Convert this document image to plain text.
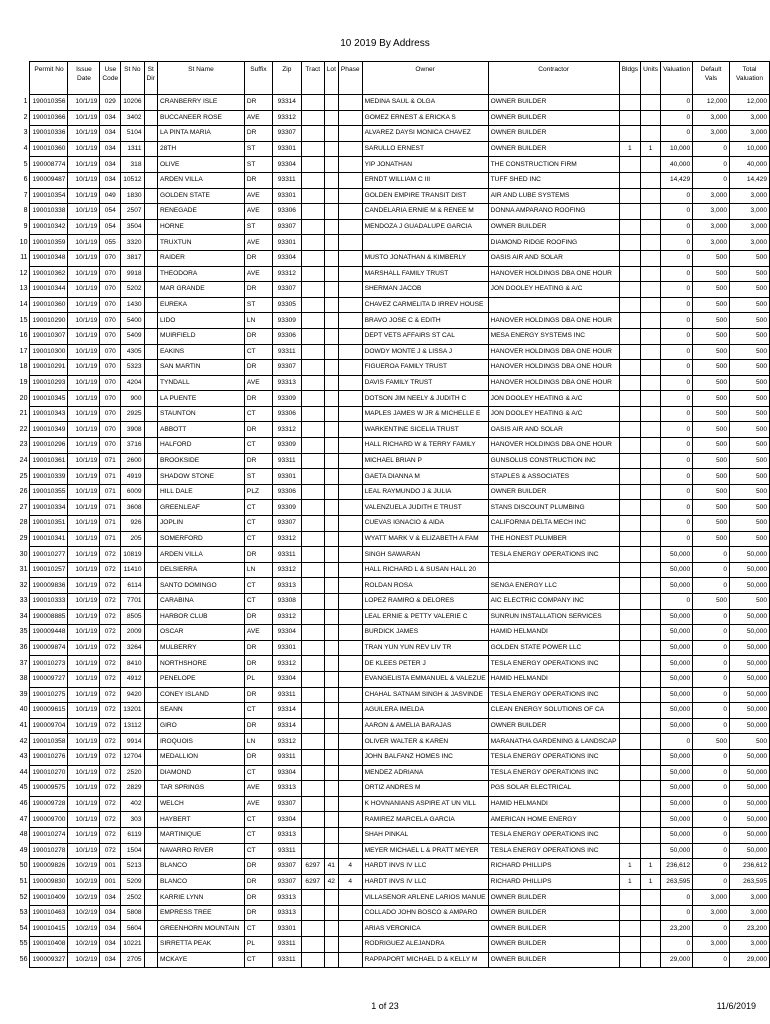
10 2019 By Address
	Permit No	Issue Date	Use Code	St No	St Dir	St Name	Suffix	Zip	Tract	Lot	Phase	Owner	Contractor	Bldgs	Units	Valuation	Default Vals	Total Valuation
1	190010356	10/1/19	029	10206		CRANBERRY ISLE	DR	93314				MEDINA SAUL & OLGA	OWNER BUILDER			0	12,000	12,000
2	190010366	10/1/19	034	3402		BUCCANEER ROSE	AVE	93312				GOMEZ ERNEST & ERICKA S	OWNER BUILDER			0	3,000	3,000
3	190010336	10/1/19	034	5104		LA PINTA MARIA	DR	93307				ALVAREZ DAYSI MONICA CHAVEZ	OWNER BUILDER			0	3,000	3,000
4	190010360	10/1/19	034	1311		28TH	ST	93301				SARULLO ERNEST	OWNER BUILDER	1	1	10,000	0	10,000
5	190008774	10/1/19	034	318		OLIVE	ST	93304				YIP JONATHAN	THE CONSTRUCTION FIRM			40,000	0	40,000
6	190009487	10/1/19	034	10512		ARDEN VILLA	DR	93311				ERNDT WILLIAM C III	TUFF SHED INC			14,429	0	14,429
7	190010354	10/1/19	049	1830		GOLDEN STATE	AVE	93301				GOLDEN EMPIRE TRANSIT DIST	AIR AND LUBE SYSTEMS			0	3,000	3,000
8	190010338	10/1/19	054	2507		RENEGADE	AVE	93306				CANDELARIA ERNIE M & RENEE M	DONNA AMPARANO ROOFING			0	3,000	3,000
9	190010342	10/1/19	054	3504		HORNE	ST	93307				MENDOZA J GUADALUPE GARCIA	OWNER BUILDER			0	3,000	3,000
10	190010359	10/1/19	055	3320		TRUXTUN	AVE	93301					DIAMOND RIDGE ROOFING			0	3,000	3,000
11	190010348	10/1/19	070	3817		RAIDER	DR	93304				MUSTO JONATHAN & KIMBERLY	OASIS AIR AND SOLAR			0	500	500
12	190010362	10/1/19	070	9918		THEODORA	AVE	93312				MARSHALL FAMILY TRUST	HANOVER HOLDINGS DBA ONE HOUR			0	500	500
13	190010344	10/1/19	070	5202		MAR GRANDE	DR	93307				SHERMAN JACOB	JON DOOLEY HEATING & A/C			0	500	500
14	190010360	10/1/19	070	1430		EUREKA	ST	93305				CHAVEZ CARMELITA D IRREV HOUSE				0	500	500
15	190010290	10/1/19	070	5400		LIDO	LN	93309				BRAVO JOSE C & EDITH	HANOVER HOLDINGS DBA ONE HOUR			0	500	500
16	190010307	10/1/19	070	5409		MUIRFIELD	DR	93306				DEPT VETS AFFAIRS ST CAL	MESA ENERGY SYSTEMS INC			0	500	500
17	190010300	10/1/19	070	4305		EAKINS	CT	93311				DOWDY MONTE J & LISSA J	HANOVER HOLDINGS DBA ONE HOUR			0	500	500
18	190010291	10/1/19	070	5323		SAN MARTIN	DR	93307				FIGUEROA FAMILY TRUST	HANOVER HOLDINGS DBA ONE HOUR			0	500	500
19	190010293	10/1/19	070	4204		TYNDALL	AVE	93313				DAVIS FAMILY TRUST	HANOVER HOLDINGS DBA ONE HOUR			0	500	500
20	190010345	10/1/19	070	900		LA PUENTE	DR	93309				DOTSON JIM NEELY & JUDITH C	JON DOOLEY HEATING & A/C			0	500	500
21	190010343	10/1/19	070	2925		STAUNTON	CT	93306				MAPLES JAMES W JR & MICHELLE E	JON DOOLEY HEATING & A/C			0	500	500
22	190010349	10/1/19	070	3908		ABBOTT	DR	93312				WARKENTINE SICELIA TRUST	OASIS AIR AND SOLAR			0	500	500
23	190010296	10/1/19	070	3716		HALFORD	CT	93309				HALL RICHARD W & TERRY FAMILY	HANOVER HOLDINGS DBA ONE HOUR			0	500	500
24	190010361	10/1/19	071	2600		BROOKSIDE	DR	93311				MICHAEL BRIAN P	GUNSOLUS CONSTRUCTION INC			0	500	500
25	190010339	10/1/19	071	4919		SHADOW STONE	ST	93301				GAETA DIANNA M	STAPLES & ASSOCIATES			0	500	500
26	190010355	10/1/19	071	6009		HILL DALE	PLZ	93306				LEAL RAYMUNDO J & JULIA	OWNER BUILDER			0	500	500
27	190010334	10/1/19	071	3608		GREENLEAF	CT	93309				VALENZUELA JUDITH E TRUST	STANS DISCOUNT PLUMBING			0	500	500
28	190010351	10/1/19	071	926		JOPLIN	CT	93307				CUEVAS IGNACIO & AIDA	CALIFORNIA DELTA MECH INC			0	500	500
29	190010341	10/1/19	071	205		SOMERFORD	CT	93312				WYATT MARK V & ELIZABETH A FAM	THE HONEST PLUMBER			0	500	500
30	190010277	10/1/19	072	10819		ARDEN VILLA	DR	93311				SINGH SAWARAN	TESLA ENERGY OPERATIONS INC			50,000	0	50,000
31	190010257	10/1/19	072	11410		DELSIERRA	LN	93312				HALL RICHARD L & SUSAN HALL 20				50,000	0	50,000
32	190009836	10/1/19	072	6114		SANTO DOMINGO	CT	93313				ROLDAN ROSA	SENGA ENERGY LLC			50,000	0	50,000
33	190010333	10/1/19	072	7701		CARABINA	CT	93308				LOPEZ RAMIRO & DELORES	AIC ELECTRIC COMPANY INC			0	500	500
34	190008885	10/1/19	072	8505		HARBOR CLUB	DR	93312				LEAL ERNIE & PETTY VALERIE C	SUNRUN INSTALLATION SERVICES			50,000	0	50,000
35	190009448	10/1/19	072	2009		OSCAR	AVE	93304				BURDICK JAMES	HAMID HELMANDI			50,000	0	50,000
36	190009874	10/1/19	072	3264		MULBERRY	DR	93301				TRAN YUN YUN REV LIV TR	GOLDEN STATE POWER LLC			50,000	0	50,000
37	190010273	10/1/19	072	8410		NORTHSHORE	DR	93312				DE KLEES PETER J	TESLA ENERGY OPERATIONS INC			50,000	0	50,000
38	190009727	10/1/19	072	4912		PENELOPE	PL	93304				EVANGELISTA EMMANUEL & VALEZUE	HAMID HELMANDI			50,000	0	50,000
39	190010275	10/1/19	072	9420		CONEY ISLAND	DR	93311				CHAHAL SATNAM SINGH & JASVINDE	TESLA ENERGY OPERATIONS INC			50,000	0	50,000
40	190009615	10/1/19	072	13201		SEANN	CT	93314				AGUILERA IMELDA	CLEAN ENERGY SOLUTIONS OF CA			50,000	0	50,000
41	190009704	10/1/19	072	13112		GIRO	DR	93314				AARON & AMELIA BARAJAS	OWNER BUILDER			50,000	0	50,000
42	190010358	10/1/19	072	9914		IROQUOIS	LN	93312				OLIVER WALTER & KAREN	MARANATHA GARDENING & LANDSCAP			0	500	500
43	190010276	10/1/19	072	12704		MEDALLION	DR	93311				JOHN BALFANZ HOMES INC	TESLA ENERGY OPERATIONS INC			50,000	0	50,000
44	190010270	10/1/19	072	2520		DIAMOND	CT	93304				MENDEZ ADRIANA	TESLA ENERGY OPERATIONS INC			50,000	0	50,000
45	190009575	10/1/19	072	2829		TAR SPRINGS	AVE	93313				ORTIZ ANDRES M	PGS SOLAR ELECTRICAL			50,000	0	50,000
46	190009728	10/1/19	072	402		WELCH	AVE	93307				K HOVNANIANS ASPIRE AT UN VILL	HAMID HELMANDI			50,000	0	50,000
47	190009700	10/1/19	072	303		HAYBERT	CT	93304				RAMIREZ MARCELA GARCIA	AMERICAN HOME ENERGY			50,000	0	50,000
48	190010274	10/1/19	072	6119		MARTINIQUE	CT	93313				SHAH PINKAL	TESLA ENERGY OPERATIONS INC			50,000	0	50,000
49	190010278	10/1/19	072	1504		NAVARRO RIVER	CT	93311				MEYER MICHAEL L & PRATT MEYER	TESLA ENERGY OPERATIONS INC			50,000	0	50,000
50	190009826	10/2/19	001	5213		BLANCO	DR	93307	6297	41	4	HARDT INVS IV LLC	RICHARD PHILLIPS	1	1	236,612	0	236,612
51	190009830	10/2/19	001	5209		BLANCO	DR	93307	6297	42	4	HARDT INVS IV LLC	RICHARD PHILLIPS	1	1	263,595	0	263,595
52	190010409	10/2/19	034	2502		KARRIE LYNN	DR	93313				VILLASENOR ARLENE LARIOS MANUE	OWNER BUILDER			0	3,000	3,000
53	190010463	10/2/19	034	5808		EMPRESS TREE	DR	93313				COLLADO JOHN BOSCO & AMPARO	OWNER BUILDER			0	3,000	3,000
54	190010415	10/2/19	034	5604		GREENHORN MOUNTAIN	CT	93301				ARIAS VERONICA	OWNER BUILDER			23,200	0	23,200
55	190010408	10/2/19	034	10221		SIRRETTA PEAK	PL	93311				RODRIGUEZ ALEJANDRA	OWNER BUILDER			0	3,000	3,000
56	190009327	10/2/19	034	2705		MCKAYE	CT	93311				RAPPAPORT MICHAEL D & KELLY M	OWNER BUILDER			29,000	0	29,000
1 of 23	11/6/2019
